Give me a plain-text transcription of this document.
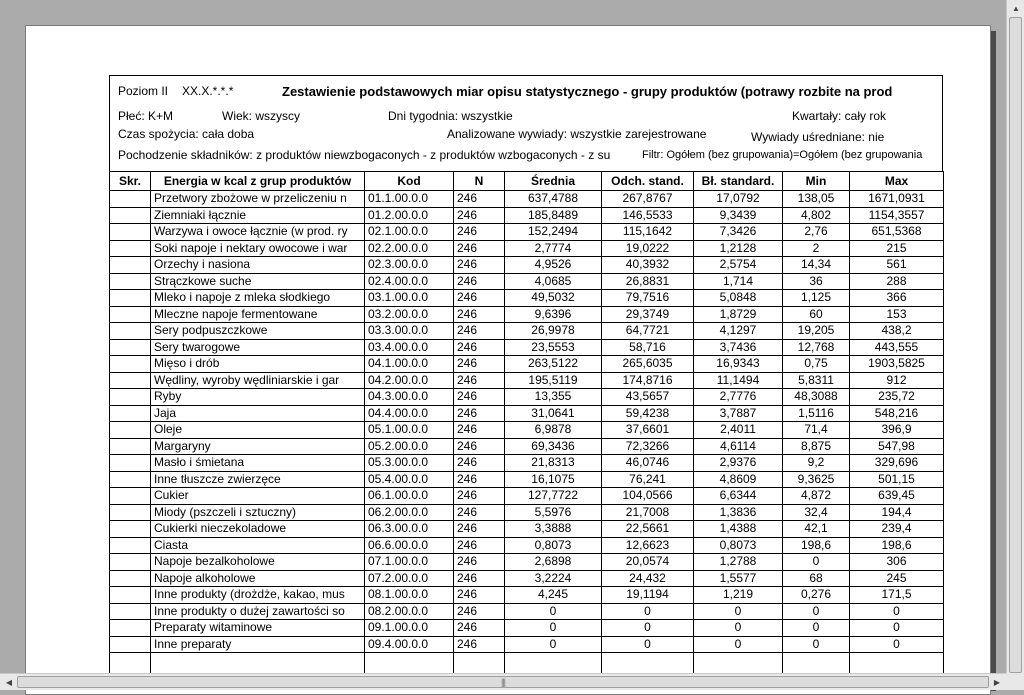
Poziom II XX.X.*.*.*	Zestawienie podstawowych miar opisu statystycznego - grupy produktów (potrawy rozbite na prod
Płeć: K+M	Wiek: wszyscy	Dni tygodnia: wszystkie	Kwartały: cały rok
Czas spożycia: cała doba	Analizowane wywiady: wszystkie zarejestrowane	Wywiady uśredniane: nie
Pochodzenie składników: z produktów niewzbogaconych - z produktów wzbogaconych - z su	Filtr: Ogółem (bez grupowania)=Ogółem (bez grupowania
Skr.	Energia w kcal z grup produktów	Kod	N	Średnia	Odch. stand.	Bł. standard.	Min	Max
	Przetwory zbożowe w przeliczeniu n	01.1.00.0.0	246	637,4788	267,8767	17,0792	138,05	1671,0931
	Ziemniaki łącznie	01.2.00.0.0	246	185,8489	146,5533	9,3439	4,802	1154,3557
	Warzywa i owoce łącznie (w prod. ry	02.1.00.0.0	246	152,2494	115,1642	7,3426	2,76	651,5368
	Soki napoje i nektary owocowe i war	02.2.00.0.0	246	2,7774	19,0222	1,2128	2	215
	Orzechy i nasiona	02.3.00.0.0	246	4,9526	40,3932	2,5754	14,34	561
	Strączkowe suche	02.4.00.0.0	246	4,0685	26,8831	1,714	36	288
	Mleko i napoje z mleka słodkiego	03.1.00.0.0	246	49,5032	79,7516	5,0848	1,125	366
	Mleczne napoje fermentowane	03.2.00.0.0	246	9,6396	29,3749	1,8729	60	153
	Sery podpuszczkowe	03.3.00.0.0	246	26,9978	64,7721	4,1297	19,205	438,2
	Sery twarogowe	03.4.00.0.0	246	23,5553	58,716	3,7436	12,768	443,555
	Mięso i drób	04.1.00.0.0	246	263,5122	265,6035	16,9343	0,75	1903,5825
	Wędliny, wyroby wędliniarskie i gar	04.2.00.0.0	246	195,5119	174,8716	11,1494	5,8311	912
	Ryby	04.3.00.0.0	246	13,355	43,5657	2,7776	48,3088	235,72
	Jaja	04.4.00.0.0	246	31,0641	59,4238	3,7887	1,5116	548,216
	Oleje	05.1.00.0.0	246	6,9878	37,6601	2,4011	71,4	396,9
	Margaryny	05.2.00.0.0	246	69,3436	72,3266	4,6114	8,875	547,98
	Masło i śmietana	05.3.00.0.0	246	21,8313	46,0746	2,9376	9,2	329,696
	Inne tłuszcze zwierzęce	05.4.00.0.0	246	16,1075	76,241	4,8609	9,3625	501,15
	Cukier	06.1.00.0.0	246	127,7722	104,0566	6,6344	4,872	639,45
	Miody (pszczeli i sztuczny)	06.2.00.0.0	246	5,5976	21,7008	1,3836	32,4	194,4
	Cukierki nieczekoladowe	06.3.00.0.0	246	3,3888	22,5661	1,4388	42,1	239,4
	Ciasta	06.6.00.0.0	246	0,8073	12,6623	0,8073	198,6	198,6
	Napoje bezalkoholowe	07.1.00.0.0	246	2,6898	20,0574	1,2788	0	306
	Napoje alkoholowe	07.2.00.0.0	246	3,2224	24,432	1,5577	68	245
	Inne produkty (drożdże, kakao, mus	08.1.00.0.0	246	4,245	19,1194	1,219	0,276	171,5
	Inne produkty o dużej zawartości so	08.2.00.0.0	246	0	0	0	0	0
	Preparaty witaminowe	09.1.00.0.0	246	0	0	0	0	0
	Inne preparaty	09.4.00.0.0	246	0	0	0	0	0

▲
◀	|||	▶
